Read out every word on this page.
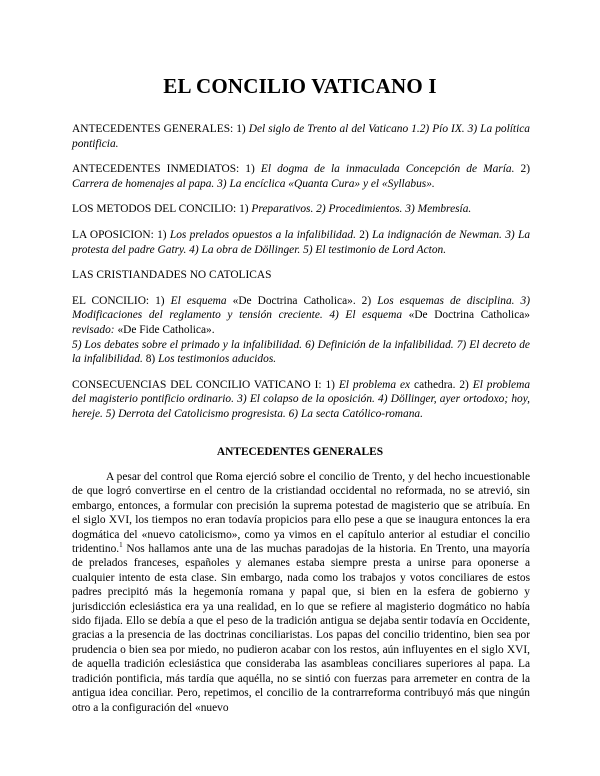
EL CONCILIO VATICANO I

ANTECEDENTES GENERALES: 1) Del siglo de Trento al del Vaticano 1.2) Pío IX. 3) La política pontificia.

ANTECEDENTES INMEDIATOS: 1) El dogma de la inmaculada Concepción de María. 2) Carrera de homenajes al papa. 3) La encíclica «Quanta Cura» y el «Syllabus».

LOS METODOS DEL CONCILIO: 1) Preparativos. 2) Procedimientos. 3) Membresía.

LA OPOSICION: 1) Los prelados opuestos a la infalibilidad. 2) La indignación de Newman. 3) La protesta del padre Gatry. 4) La obra de Döllinger. 5) El testimonio de Lord Acton.

LAS CRISTIANDADES NO CATOLICAS

EL CONCILIO: 1) El esquema «De Doctrina Catholica». 2) Los esquemas de disciplina. 3) Modificaciones del reglamento y tensión creciente. 4) El esquema «De Doctrina Catholica» revisado: «De Fide Catholica».
5) Los debates sobre el primado y la infalibilidad. 6) Definición de la infalibilidad. 7) El decreto de la infalibilidad. 8) Los testimonios aducidos.

CONSECUENCIAS DEL CONCILIO VATICANO I: 1) El problema ex cathedra. 2) El problema del magisterio pontificio ordinario. 3) El colapso de la oposición. 4) Döllinger, ayer ortodoxo; hoy, hereje. 5) Derrota del Catolicismo progresista. 6) La secta Católico-romana.

ANTECEDENTES GENERALES

A pesar del control que Roma ejerció sobre el concilio de Trento, y del hecho incuestionable de que logró convertirse en el centro de la cristiandad occidental no reformada, no se atrevió, sin embargo, entonces, a formular con precisión la suprema potestad de magisterio que se atribuía. En el siglo XVI, los tiempos no eran todavía propicios para ello pese a que se inaugura entonces la era dogmática del «nuevo catolicismo», como ya vimos en el capítulo anterior al estudiar el concilio tridentino.$^1$ Nos hallamos ante una de las muchas paradojas de la historia. En Trento, una mayoría de prelados franceses, españoles y alemanes estaba siempre presta a unirse para oponerse a cualquier intento de esta clase. Sin embargo, nada como los trabajos y votos conciliares de estos padres precipitó más la hegemonía romana y papal que, si bien en la esfera de gobierno y jurisdicción eclesiástica era ya una realidad, en lo que se refiere al magisterio dogmático no había sido fijada. Ello se debía a que el peso de la tradición antigua se dejaba sentir todavía en Occidente, gracias a la presencia de las doctrinas conciliaristas. Los papas del concilio tridentino, bien sea por prudencia o bien sea por miedo, no pudieron acabar con los restos, aún influyentes en el siglo XVI, de aquella tradición eclesiástica que consideraba las asambleas conciliares superiores al papa. La tradición pontificia, más tardía que aquélla, no se sintió con fuerzas para arremeter en contra de la antigua idea conciliar. Pero, repetimos, el concilio de la contrarreforma contribuyó más que ningún otro a la configuración del «nuevo
